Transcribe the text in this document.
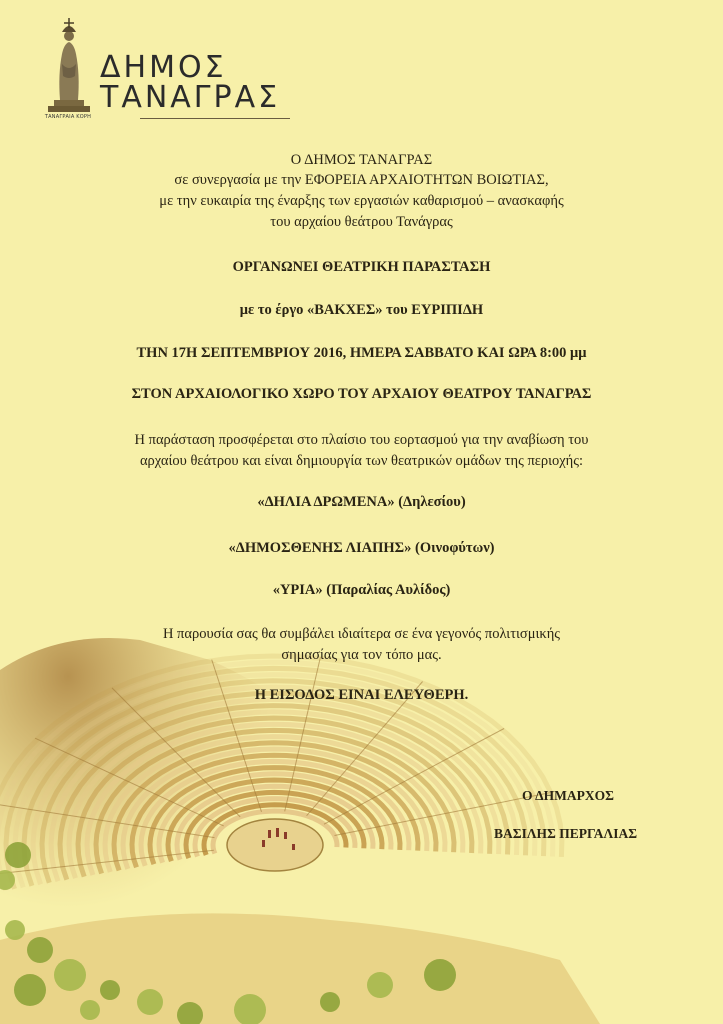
ΔΗΜΟΣ
ΤΑΝΑΓΡΑΣ
ΤΑΝΑΓΡΑΙΑ ΚΟΡΗ

Ο ΔΗΜΟΣ ΤΑΝΑΓΡΑΣ

σε συνεργασία με την ΕΦΟΡΕΙΑ ΑΡΧΑΙΟΤΗΤΩΝ ΒΟΙΩΤΙΑΣ,

με την ευκαιρία της έναρξης των εργασιών καθαρισμού – ανασκαφής

του αρχαίου θεάτρου Τανάγρας

ΟΡΓΑΝΩΝΕΙ ΘΕΑΤΡΙΚΗ ΠΑΡΑΣΤΑΣΗ

με το έργο «ΒΑΚΧΕΣ» του ΕΥΡΙΠΙΔΗ

ΤΗΝ 17Η ΣΕΠΤΕΜΒΡΙΟΥ 2016, ΗΜΕΡΑ ΣΑΒΒΑΤΟ ΚΑΙ ΩΡΑ 8:00 μμ

ΣΤΟΝ ΑΡΧΑΙΟΛΟΓΙΚΟ ΧΩΡΟ ΤΟΥ ΑΡΧΑΙΟΥ ΘΕΑΤΡΟΥ ΤΑΝΑΓΡΑΣ

Η παράσταση προσφέρεται στο πλαίσιο του εορτασμού για την αναβίωση του

αρχαίου θεάτρου και είναι δημιουργία των θεατρικών ομάδων της περιοχής:

«ΔΗΛΙΑ ΔΡΩΜΕΝΑ» (Δηλεσίου)

«ΔΗΜΟΣΘΕΝΗΣ ΛΙΑΠΗΣ» (Οινοφύτων)

«ΥΡΙΑ» (Παραλίας Αυλίδος)

Η παρουσία σας θα συμβάλει ιδιαίτερα σε ένα γεγονός πολιτισμικής

σημασίας για τον τόπο μας.

Η ΕΙΣΟΔΟΣ ΕΙΝΑΙ ΕΛΕΥΘΕΡΗ.

Ο ΔΗΜΑΡΧΟΣ
ΒΑΣΙΛΗΣ ΠΕΡΓΑΛΙΑΣ
